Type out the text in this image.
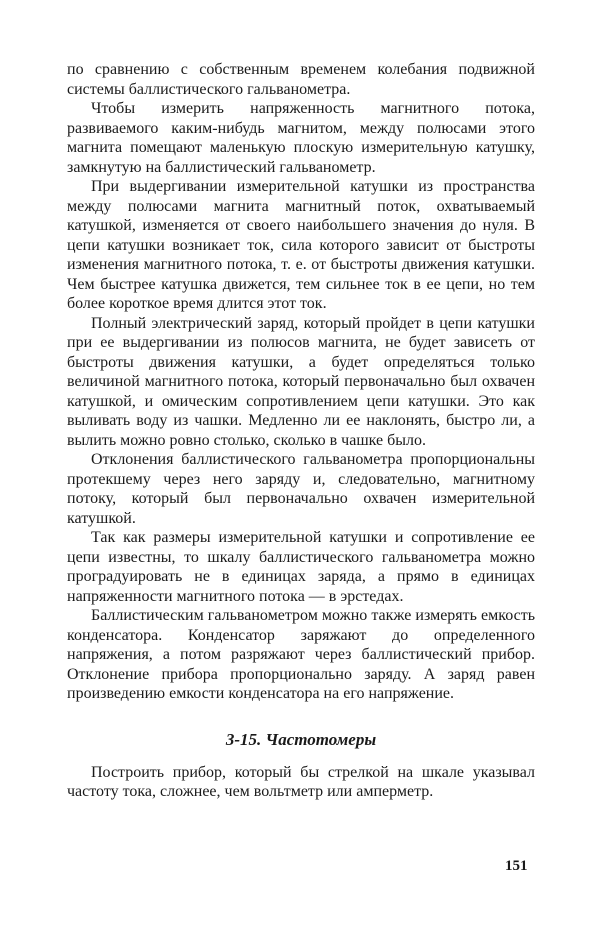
по сравнению с собственным временем колебания подвижной системы баллистического гальванометра.

Чтобы измерить напряженность магнитного потока, развиваемого каким-нибудь магнитом, между полюсами этого магнита помещают маленькую плоскую измерительную катушку, замкнутую на баллистический гальванометр.

При выдергивании измерительной катушки из пространства между полюсами магнита магнитный поток, охватываемый катушкой, изменяется от своего наибольшего значения до нуля. В цепи катушки возникает ток, сила которого зависит от быстроты изменения магнитного потока, т. е. от быстроты движения катушки. Чем быстрее катушка движется, тем сильнее ток в ее цепи, но тем более короткое время длится этот ток.

Полный электрический заряд, который пройдет в цепи катушки при ее выдергивании из полюсов магнита, не будет зависеть от быстроты движения катушки, а будет определяться только величиной магнитного потока, который первоначально был охвачен катушкой, и омическим сопротивлением цепи катушки. Это как выливать воду из чашки. Медленно ли ее наклонять, быстро ли, а вылить можно ровно столько, сколько в чашке было.

Отклонения баллистического гальванометра пропорциональны протекшему через него заряду и, следовательно, магнитному потоку, который был первоначально охвачен измерительной катушкой.

Так как размеры измерительной катушки и сопротивление ее цепи известны, то шкалу баллистического гальванометра можно проградуировать не в единицах заряда, а прямо в единицах напряженности магнитного потока — в эрстедах.

Баллистическим гальванометром можно также измерять емкость конденсатора. Конденсатор заряжают до определенного напряжения, а потом разряжают через баллистический прибор. Отклонение прибора пропорционально заряду. А заряд равен произведению емкости конденсатора на его напряжение.

3-15. Частотомеры

Построить прибор, который бы стрелкой на шкале указывал частоту тока, сложнее, чем вольтметр или амперметр.

151
